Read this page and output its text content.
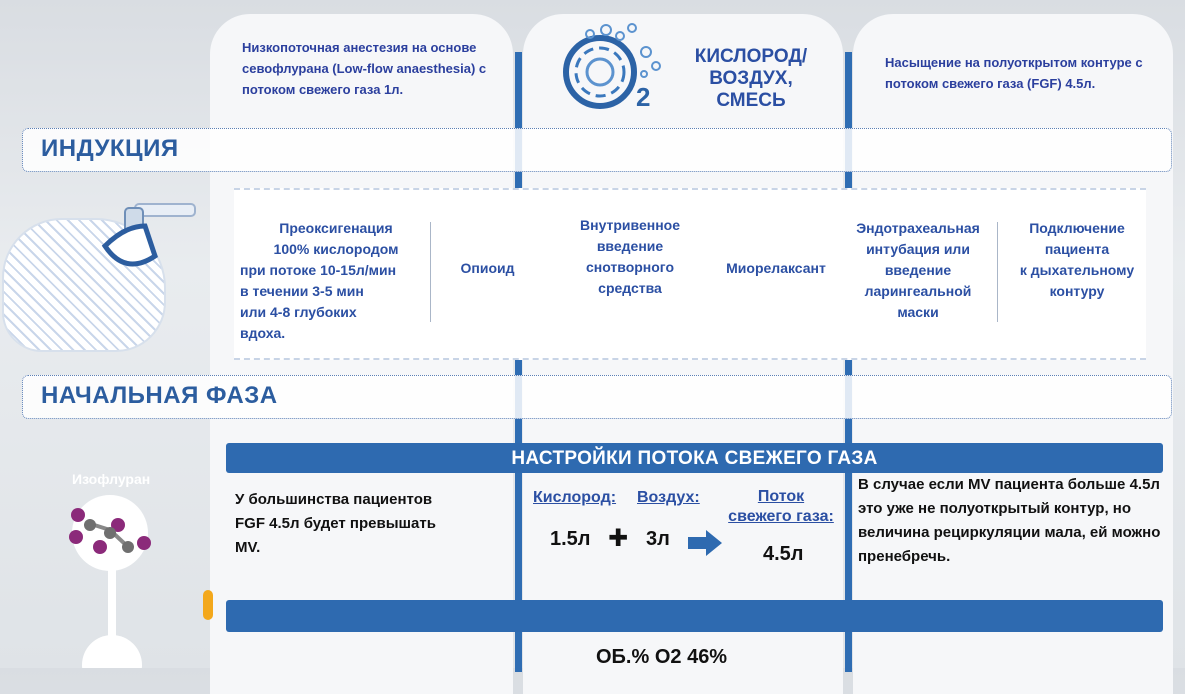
Низкопоточная анестезия на основе севофлурана (Low-flow anaesthesia) с потоком свежего газа 1л.	2
КИСЛОРОД/
ВОЗДУХ,
СМЕСЬ
Насыщение на полуоткрытом контуре с потоком свежего газа (FGF) 4.5л.
ИНДУКЦИЯ
Преоксигенация
100% кислородом
при потоке 10-15л/мин
в течении 3-5 мин
или 4-8 глубоких
вдоха.
Опиоид
Внутривенное
введение
снотворного
средства
Миорелаксант
Эндотрахеальная
интубация или
введение
ларингеальной
маски
Подключение
пациента
к дыхательному
контуру
НАЧАЛЬНАЯ ФАЗА
НАСТРОЙКИ ПОТОКА СВЕЖЕГО ГАЗА
У большинства пациентов FGF 4.5л будет превышать MV.
Кислород: Воздух:	Поток
свежего газа:
1.5л ✚ 3л
4.5л
В случае если MV пациента больше 4.5л это уже не полуоткрытый контур, но величина рециркуляции мала, ей можно пренебречь.
ОБ.% О2 46%
Изофлуран
